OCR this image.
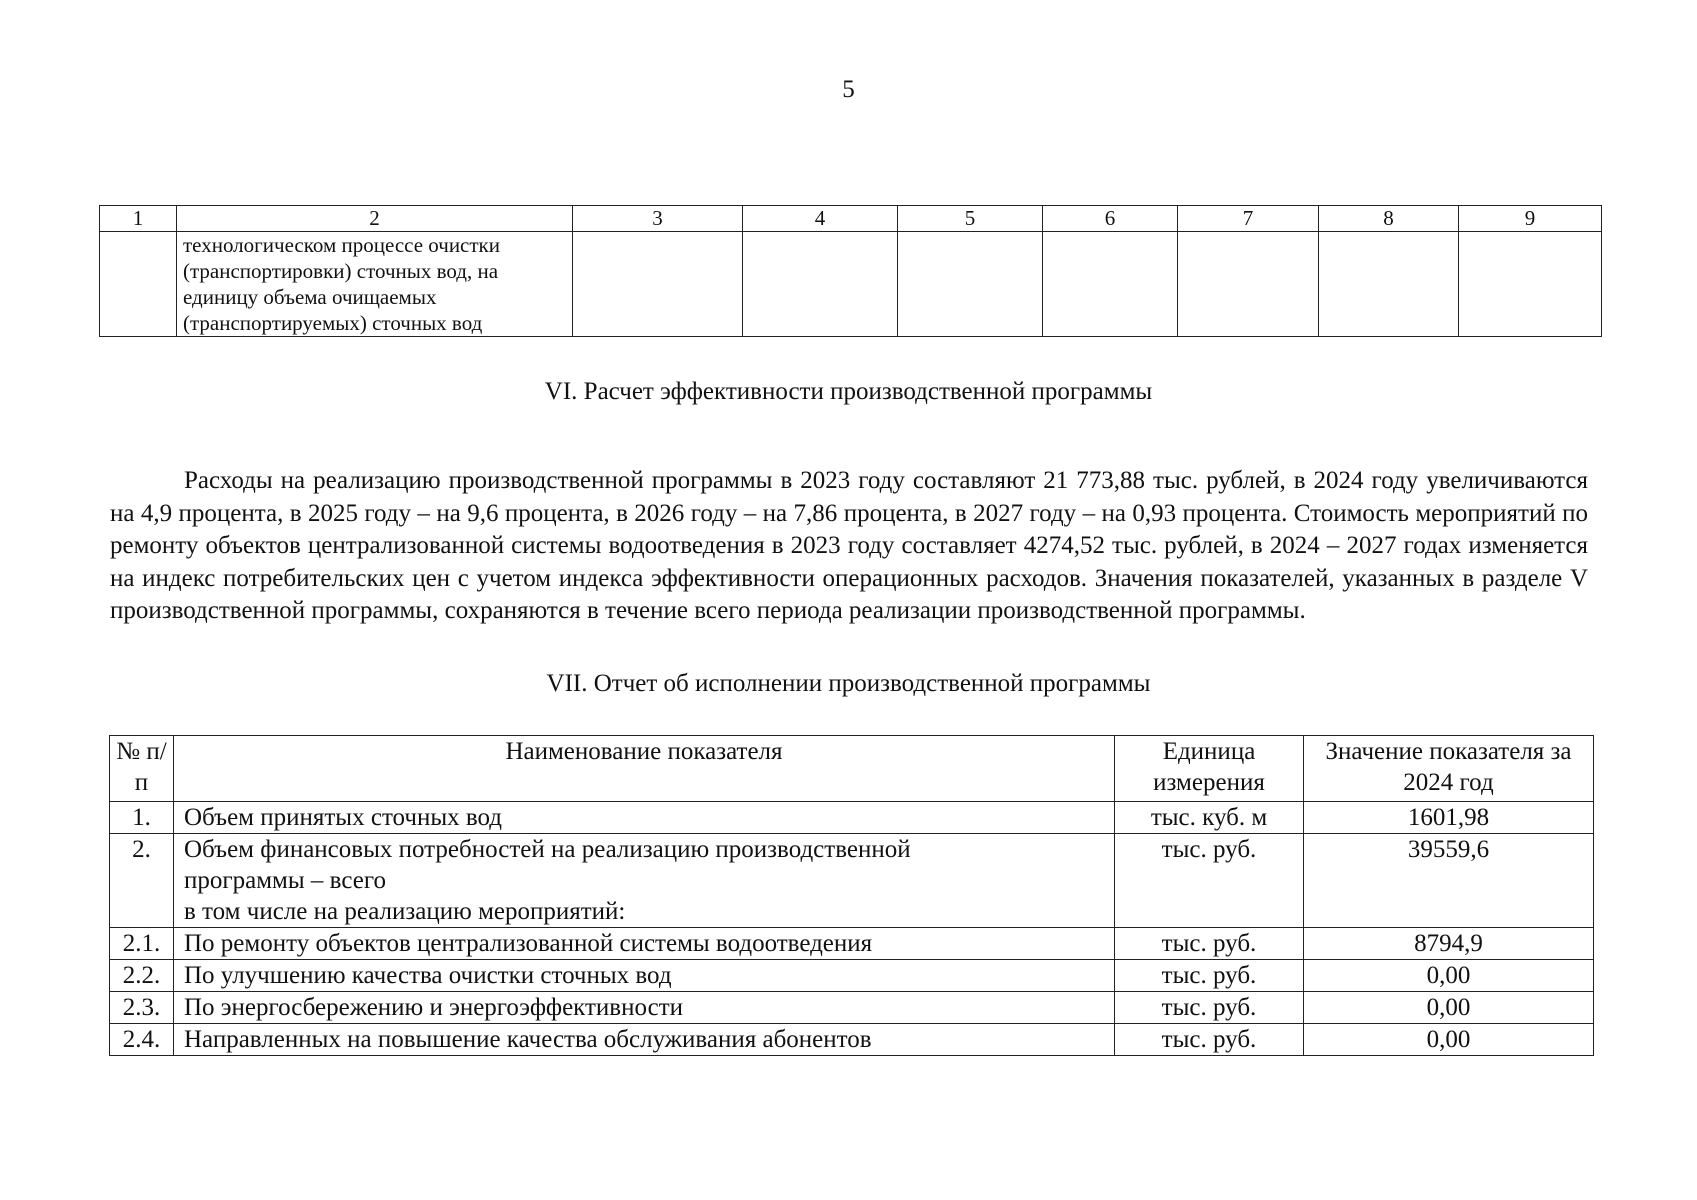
5
1	2	3	4	5	6	7	8	9

	технологическом процессе очистки
(транспортировки) сточных вод, на
единицу объема очищаемых
(транспортируемых) сточных вод							

VI. Расчет эффективности производственной программы

Расходы на реализацию производственной программы в 2023 году составляют 21 773,88 тыс. рублей, в 2024 году увеличиваются на 4,9 процента, в 2025 году – на 9,6 процента, в 2026 году – на 7,86 процента, в 2027 году – на 0,93 процента. Стоимость мероприятий по ремонту объектов централизованной системы водоотведения в 2023 году составляет 4274,52 тыс. рублей, в 2024 – 2027 годах изменяется на индекс потребительских цен с учетом индекса эффективности операционных расходов. Значения показателей, указанных в разделе V производственной программы, сохраняются в течение всего периода реализации производственной программы.

VII. Отчет об исполнении производственной программы
№ п/п	Наименование показателя	Единица измерения	Значение показателя за 2024 год
1.	Объем принятых сточных вод	тыс. куб. м	1601,98
2.	Объем финансовых потребностей на реализацию производственной
программы – всего
в том числе на реализацию мероприятий:	тыс. руб.	39559,6
2.1.	По ремонту объектов централизованной системы водоотведения	тыс. руб.	8794,9
2.2.	По улучшению качества очистки сточных вод	тыс. руб.	0,00
2.3.	По энергосбережению и энергоэффективности	тыс. руб.	0,00
2.4.	Направленных на повышение качества обслуживания абонентов	тыс. руб.	0,00
